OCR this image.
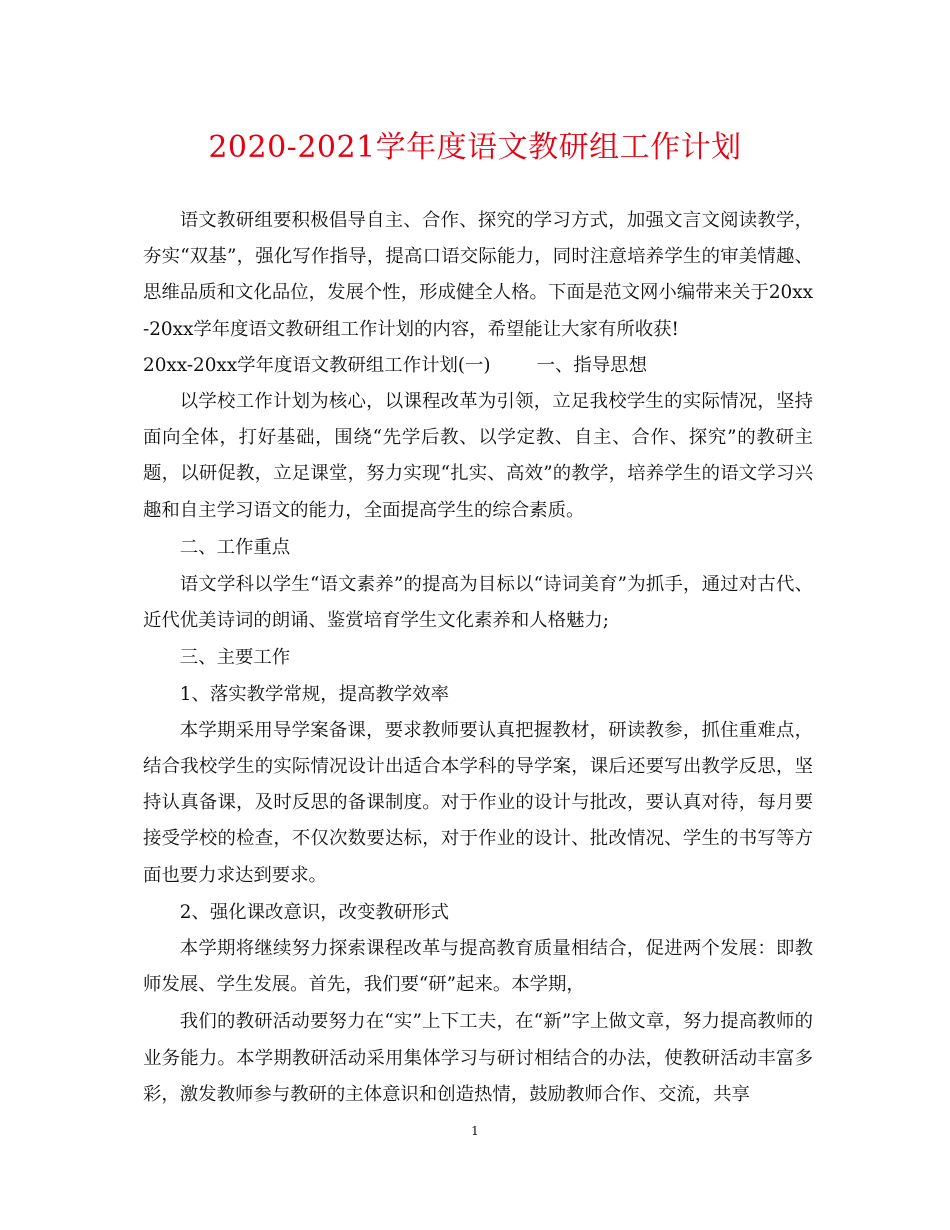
2020-2021学年度语文教研组工作计划

语文教研组要积极倡导自主、合作、探究的学习方式，加强文言文阅读教学，夯实“双基”，强化写作指导，提高口语交际能力，同时注意培养学生的审美情趣、思维品质和文化品位，发展个性，形成健全人格。下面是范文网小编带来关于20xx-20xx学年度语文教研组工作计划的内容，希望能让大家有所收获!

20xx-20xx学年度语文教研组工作计划(一)	一、指导思想

以学校工作计划为核心，以课程改革为引领，立足我校学生的实际情况，坚持面向全体，打好基础，围绕“先学后教、以学定教、自主、合作、探究”的教研主题，以研促教，立足课堂，努力实现“扎实、高效”的教学，培养学生的语文学习兴趣和自主学习语文的能力，全面提高学生的综合素质。

二、工作重点

语文学科以学生“语文素养”的提高为目标以“诗词美育”为抓手，通过对古代、近代优美诗词的朗诵、鉴赏培育学生文化素养和人格魅力;

三、主要工作

1、落实教学常规，提高教学效率

本学期采用导学案备课，要求教师要认真把握教材，研读教参，抓住重难点，结合我校学生的实际情况设计出适合本学科的导学案，课后还要写出教学反思，坚持认真备课，及时反思的备课制度。对于作业的设计与批改，要认真对待，每月要接受学校的检查，不仅次数要达标，对于作业的设计、批改情况、学生的书写等方面也要力求达到要求。

2、强化课改意识，改变教研形式

本学期将继续努力探索课程改革与提高教育质量相结合，促进两个发展：即教师发展、学生发展。首先，我们要“研”起来。本学期，

我们的教研活动要努力在“实”上下工夫，在“新”字上做文章，努力提高教师的业务能力。本学期教研活动采用集体学习与研讨相结合的办法，使教研活动丰富多彩，激发教师参与教研的主体意识和创造热情，鼓励教师合作、交流，共享

1
